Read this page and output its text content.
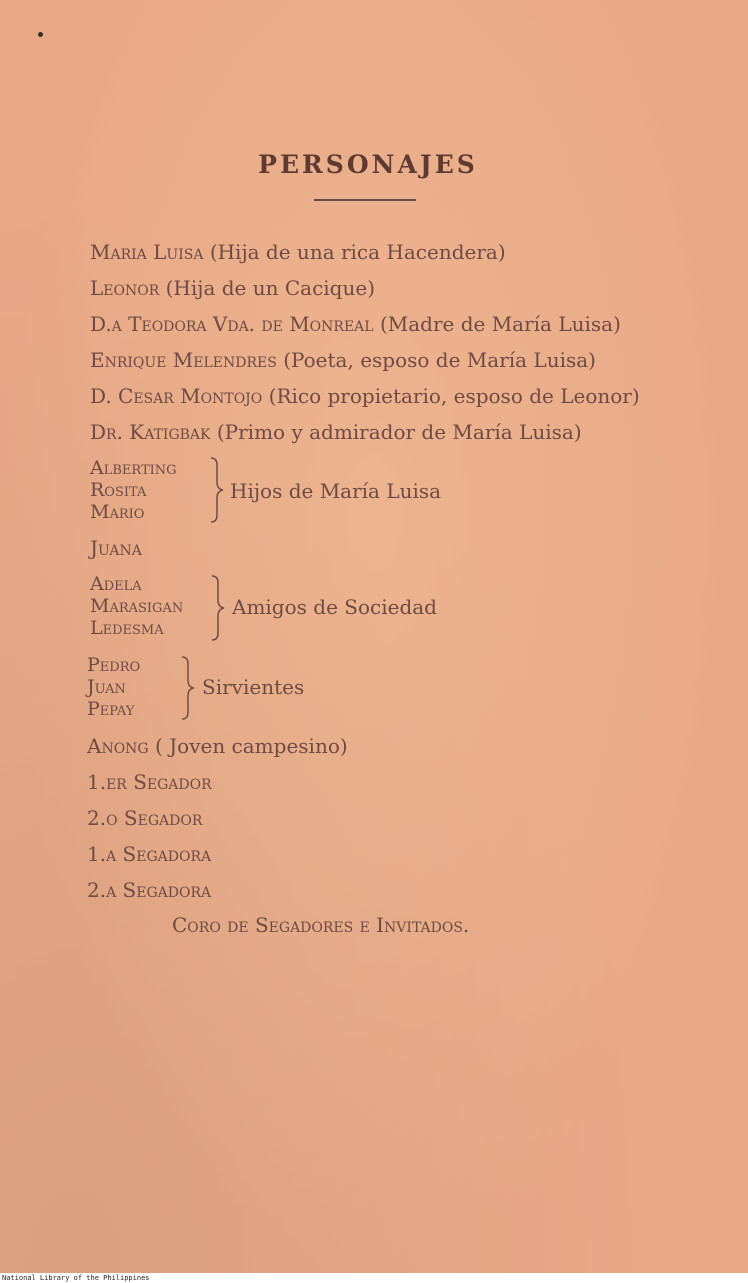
PERSONAJES
Maria Luisa (Hija de una rica Hacendera)
Leonor (Hija de un Cacique)
D.a Teodora Vda. de Monreal (Madre de María Luisa)
Enrique Melendres (Poeta, esposo de María Luisa)
D. Cesar Montojo (Rico propietario, esposo de Leonor)
Dr. Katigbak (Primo y admirador de María Luisa)
Alberting
Rosita
Mario
Hijos de María Luisa
Juana
Adela
Marasigan
Ledesma
Amigos de Sociedad
Pedro
Juan
Pepay
Sirvientes
Anong ( Joven campesino)
1.er Segador
2.o Segador
1.a Segadora
2.a Segadora
Coro de Segadores e Invitados.
National Library of the Philippines
